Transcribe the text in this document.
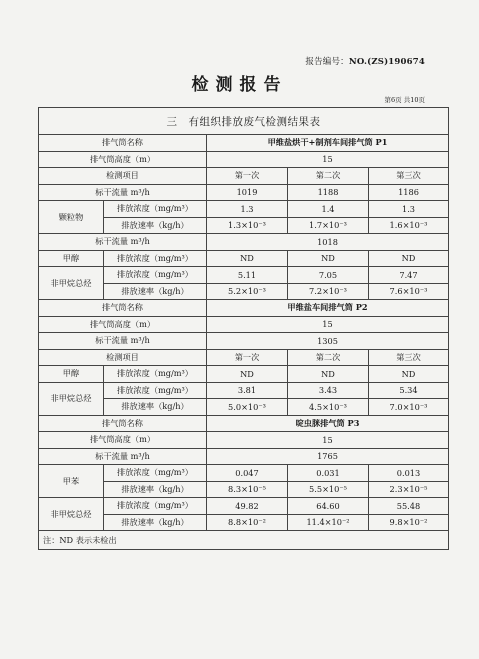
报告编号：NO.(ZS)190674
检测报告
第6页 共10页
三　有组织排放废气检测结果表				
排气筒名称		甲维盐烘干+制剂车间排气筒 P1		
排气筒高度（m）		15		
检测项目		第一次	第二次	第三次
标干流量 m³/h		1019	1188	1186
颗粒物	排放浓度（mg/m³）	1.3	1.4	1.3
	排放速率（kg/h）	1.3×10⁻³	1.7×10⁻³	1.6×10⁻³
标干流量 m³/h		1018		
甲醇	排放浓度（mg/m³）	ND	ND	ND
非甲烷总烃	排放浓度（mg/m³）	5.11	7.05	7.47
	排放速率（kg/h）	5.2×10⁻³	7.2×10⁻³	7.6×10⁻³
排气筒名称		甲维盐车间排气筒 P2		
排气筒高度（m）		15		
标干流量 m³/h		1305		
检测项目		第一次	第二次	第三次
甲醇	排放浓度（mg/m³）	ND	ND	ND
非甲烷总烃	排放浓度（mg/m³）	3.81	3.43	5.34
	排放速率（kg/h）	5.0×10⁻³	4.5×10⁻³	7.0×10⁻³
排气筒名称		啶虫脒排气筒 P3		
排气筒高度（m）		15		
标干流量 m³/h		1765		
甲苯	排放浓度（mg/m³）	0.047	0.031	0.013
	排放速率（kg/h）	8.3×10⁻⁵	5.5×10⁻⁵	2.3×10⁻⁵
非甲烷总烃	排放浓度（mg/m³）	49.82	64.60	55.48
	排放速率（kg/h）	8.8×10⁻²	11.4×10⁻²	9.8×10⁻²
注：ND 表示未检出				
